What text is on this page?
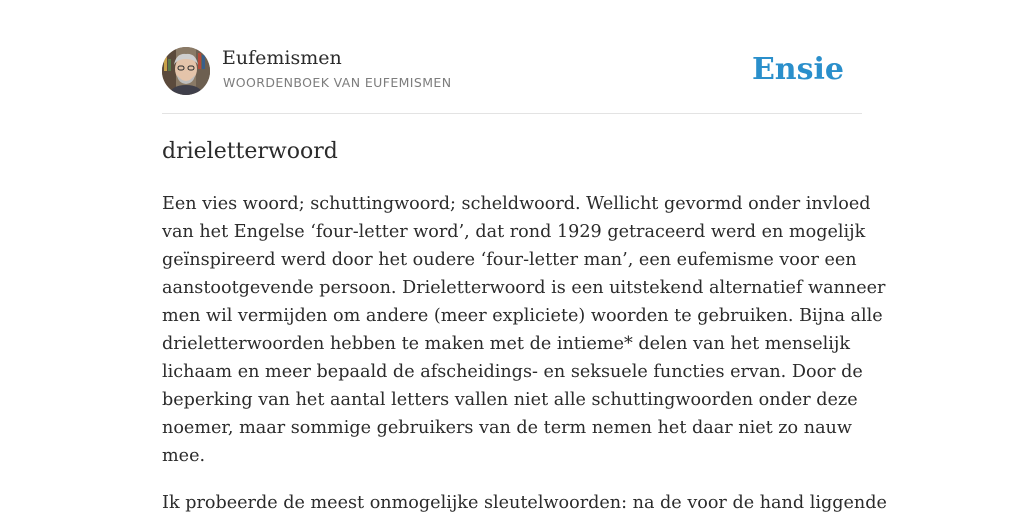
Eufemismen
WOORDENBOEK VAN EUFEMISMEN	Ensie
drieletterwoord

Een vies woord; schuttingwoord; scheldwoord. Wellicht gevormd onder invloed
van het Engelse ‘four-letter word’, dat rond 1929 getraceerd werd en mogelijk
geïnspireerd werd door het oudere ‘four-letter man’, een eufemisme voor een
aanstootgevende persoon. Drieletterwoord is een uitstekend alternatief wanneer
men wil vermijden om andere (meer expliciete) woorden te gebruiken. Bijna alle
drieletterwoorden hebben te maken met de intieme* delen van het menselijk
lichaam en meer bepaald de afscheidings- en seksuele functies ervan. Door de
beperking van het aantal letters vallen niet alle schuttingwoorden onder deze
noemer, maar sommige gebruikers van de term nemen het daar niet zo nauw
mee.

Ik probeerde de meest onmogelijke sleutelwoorden: na de voor de hand liggende
